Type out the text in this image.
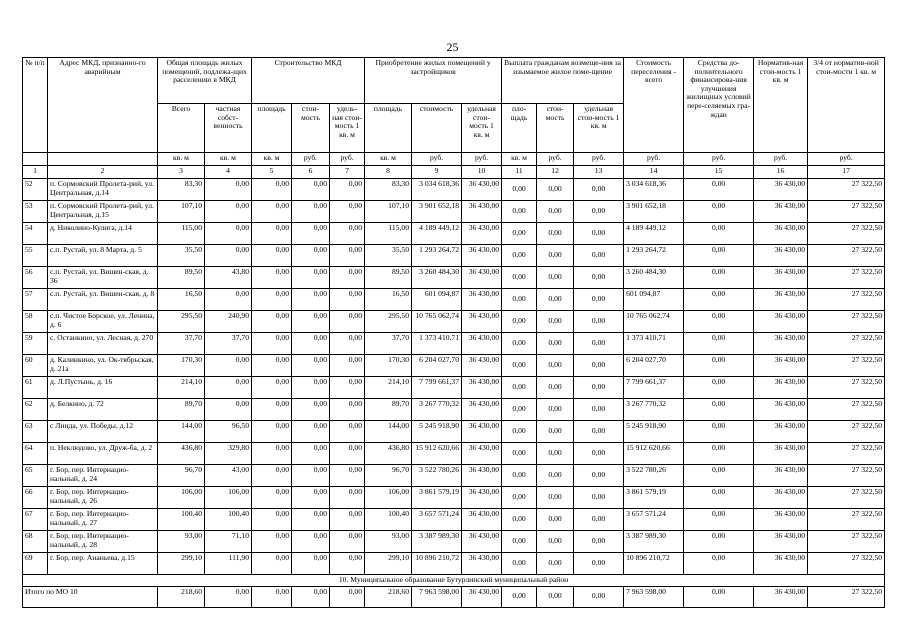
25
№ п/п	Адрес МКД, признанно-го аварийным	Общая площадь жилых помещений, подлежа-щих расселению в МКД		Строительство МКД			Приобретение жилых помещений у застройщиков			Выплата гражданам возмеще-ния за изымаемое жилое поме-щение			Стоимость переселения - всего	Средства до-полнительного финансирова-ния улучшения жилищных условий пере-селяемых гра-ждан	Норматив-ная стои-мость 1 кв. м	3/4 от норматив-ной стои-мости 1 кв. м
		Всего	частная собст-венность	площадь	стои-мость	удель-ная стои-мость 1 кв. м	площадь	стоимость	удельная стои-мость 1 кв. м	пло-щадь	стои-мость	удельная стои-мость 1 кв. м				
		кв. м	кв. м	кв. м	руб.	руб.	кв. м	руб.	руб.	кв. м	руб.	руб.	руб.	руб.	руб.	руб.
1	2	3	4	5	6	7	8	9	10	11	12	13	14	15	16	17
52	п. Сормовский Пролета-рий, ул. Центральная, д.14	83,30	0,00	0,00	0,00	0,00	83,30	3 034 618,36	36 430,00	0,00	0,00	0,00	3 034 618,36	0,00	36 430,00	27 322,50
53	п. Сормовский Пролета-рий, ул. Центральная, д.15	107,10	0,00	0,00	0,00	0,00	107,10	3 901 652,18	36 430,00	0,00	0,00	0,00	3 901 652,18	0,00	36 430,00	27 322,50
54	д. Николино-Кулига, д.14	115,00	0,00	0,00	0,00	0,00	115,00	4 189 449,12	36 430,00	0,00	0,00	0,00	4 189 449,12	0,00	36 430,00	27 322,50
55	с.п. Рустай, ул. 8 Марта, д. 5	35,50	0,00	0,00	0,00	0,00	35,50	1 293 264,72	36 430,00	0,00	0,00	0,00	1 293 264,72	0,00	36 430,00	27 322,50
56	с.п. Рустай, ул. Вишен-ская, д. 36	89,50	43,80	0,00	0,00	0,00	89,50	3 260 484,30	36 430,00	0,00	0,00	0,00	3 260 484,30	0,00	36 430,00	27 322,50
57	с.п. Рустай, ул. Вишен-ская, д. 8	16,50	0,00	0,00	0,00	0,00	16,50	601 094,87	36 430,00	0,00	0,00	0,00	601 094,87	0,00	36 430,00	27 322,50
58	с.п. Чистое Борское, ул. Ленина, д. 6	295,50	240,90	0,00	0,00	0,00	295,50	10 765 062,74	36 430,00	0,00	0,00	0,00	10 765 062,74	0,00	36 430,00	27 322,50
59	с. Останкино, ул. Лесная, д. 270	37,70	37,70	0,00	0,00	0,00	37,70	1 373 410,71	36 430,00	0,00	0,00	0,00	1 373 410,71	0,00	36 430,00	27 322,50
60	д. Калинкино, ул. Ок-тябрьская, д. 21а	170,30	0,00	0,00	0,00	0,00	170,30	6 204 027,70	36 430,00	0,00	0,00	0,00	6 204 027,70	0,00	36 430,00	27 322,50
61	д. Л.Пустынь, д. 16	214,10	0,00	0,00	0,00	0,00	214,10	7 799 661,37	36 430,00	0,00	0,00	0,00	7 799 661,37	0,00	36 430,00	27 322,50
62	д. Белкино, д. 72	89,70	0,00	0,00	0,00	0,00	89,70	3 267 770,32	36 430,00	0,00	0,00	0,00	3 267 770,32	0,00	36 430,00	27 322,50
63	с Линда, ул. Победы, д.12	144,00	96,50	0,00	0,00	0,00	144,00	5 245 918,90	36 430,00	0,00	0,00	0,00	5 245 918,90	0,00	36 430,00	27 322,50
64	п. Неклюдово, ул. Друж-ба, д. 2	436,80	329,80	0,00	0,00	0,00	436,80	15 912 620,66	36 430,00	0,00	0,00	0,00	15 912 620,66	0,00	36 430,00	27 322,50
65	г. Бор, пер. Интернацио-нальный, д. 24	96,70	43,00	0,00	0,00	0,00	96,70	3 522 780,26	36 430,00	0,00	0,00	0,00	3 522 780,26	0,00	36 430,00	27 322,50
66	г. Бор, пер. Интернацио-нальный, д. 26	106,00	106,00	0,00	0,00	0,00	106,00	3 861 579,19	36 430,00	0,00	0,00	0,00	3 861 579,19	0,00	36 430,00	27 322,50
67	г. Бор, пер. Интернацио-нальный, д. 27	100,40	100,40	0,00	0,00	0,00	100,40	3 657 571,24	36 430,00	0,00	0,00	0,00	3 657 571,24	0,00	36 430,00	27 322,50
68	г. Бор, пер. Интернацио-нальный, д. 28	93,00	71,10	0,00	0,00	0,00	93,00	3 387 989,30	36 430,00	0,00	0,00	0,00	3 387 989,30	0,00	36 430,00	27 322,50
69	г. Бор, пер. Ананьева, д.15	299,10	111,90	0,00	0,00	0,00	299,10	10 896 210,72	36 430,00	0,00	0,00	0,00	10 896 210,72	0,00	36 430,00	27 322,50
10. Муниципальное образование Бутурлинский муниципальный район																
Итого по МО 10		218,60	0,00	0,00	0,00	0,00	218,60	7 963 598,00	36 430,00	0,00	0,00	0,00	7 963 598,00	0,00	36 430,00	27 322,50
